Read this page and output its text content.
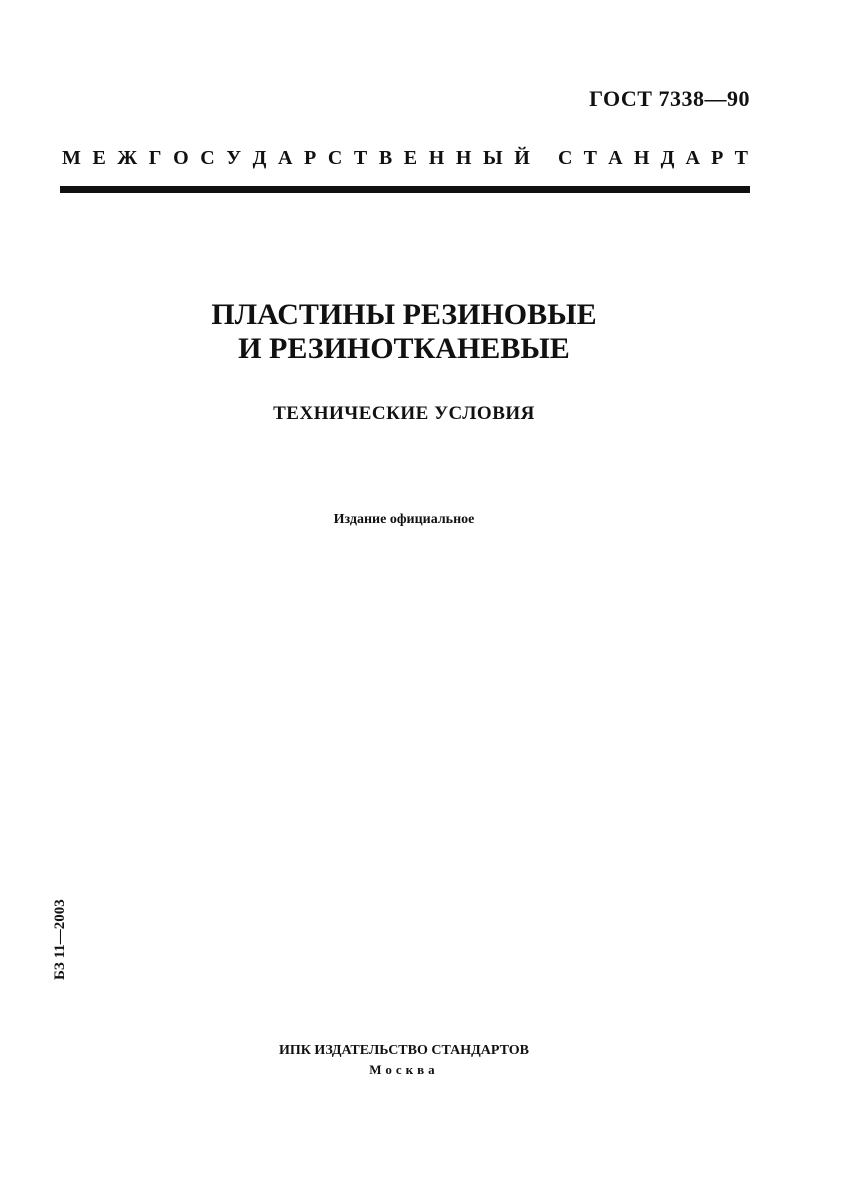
ГОСТ 7338—90
М Е Ж Г О С У Д А Р С Т В Е Н Н Ы Й С Т А Н Д А Р Т
ПЛАСТИНЫ РЕЗИНОВЫЕ
И РЕЗИНОТКАНЕВЫЕ
ТЕХНИЧЕСКИЕ УСЛОВИЯ
Издание официальное
БЗ 11—2003
ИПК ИЗДАТЕЛЬСТВО СТАНДАРТОВ
Москва
